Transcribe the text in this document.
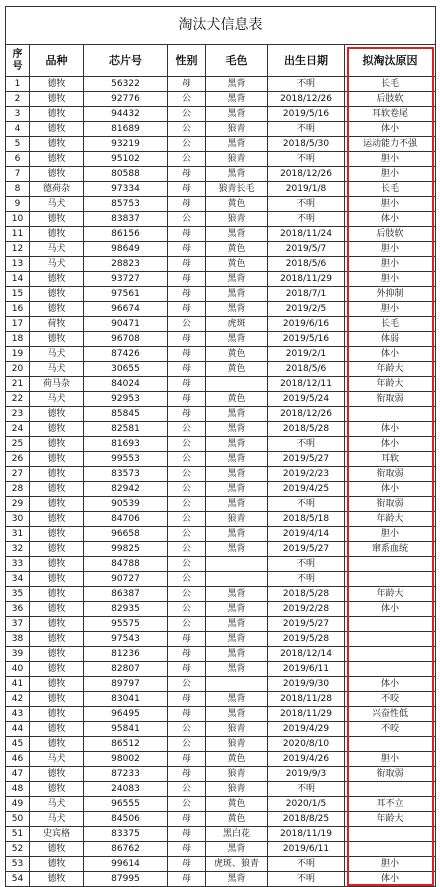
淘汰犬信息表						
序
号	品种	芯片号	性别	毛色	出生日期	拟淘汰原因
1	德牧	56322	母	黑背	不明	长毛
2	德牧	92776	公	黑背	2018/12/26	后肢软
3	德牧	94432	公	黑背	2019/5/16	耳软卷尾
4	德牧	81689	公	狼青	不明	体小
5	德牧	93219	公	黑背	2018/5/30	运动能力不强
6	德牧	95102	公	狼青	不明	胆小
7	德牧	80588	母	黑背	2018/12/26	胆小
8	德荷杂	97334	母	狼青长毛	2019/1/8	长毛
9	马犬	85753	母	黄色	不明	胆小
10	德牧	83837	公	狼青	不明	体小
11	德牧	86156	母	黑背	2018/11/24	后肢软
12	马犬	98649	母	黄色	2019/5/7	胆小
13	马犬	28823	母	黄色	2018/5/6	胆小
14	德牧	93727	母	黑背	2018/11/29	胆小
15	德牧	97561	母	黑背	2018/7/1	外抑制
16	德牧	96674	母	黑背	2019/2/5	胆小
17	荷牧	90471	公	虎斑	2019/6/16	长毛
18	德牧	96708	母	黑背	2019/5/16	体弱
19	马犬	87426	母	黄色	2019/2/1	体小
20	马犬	30655	母	黄色	2018/5/6	年龄大
21	荷马杂	84024	母		2018/12/11	年龄大
22	马犬	92953	母	黄色	2019/5/24	衔取弱
23	德牧	85845	母	黑背	2018/12/26	
24	德牧	82581	公	黑背	2018/5/28	体小
25	德牧	81693	公	黑背	不明	体小
26	德牧	99553	公	黑背	2019/5/27	耳软
27	德牧	83573	公	黑背	2019/2/23	衔取弱
28	德牧	82942	公	黑背	2019/4/25	体小
29	德牧	90539	公	黑背	不明	衔取弱
30	德牧	84706	公	狼青	2018/5/18	年龄大
31	德牧	96658	公	黑背	2019/4/14	胆小
32	德牧	99825	公	黑背	2019/5/27	窜系血统
33	德牧	84788	公		不明	
34	德牧	90727	公		不明	
35	德牧	86387	公	黑背	2018/5/28	年龄大
36	德牧	82935	公	黑背	2019/2/28	体小
37	德牧	95575	公	黑背	2019/5/27	
38	德牧	97543	母	黑背	2019/5/28	
39	德牧	81236	母	黑背	2018/12/14	
40	德牧	82807	母	黑背	2019/6/11	
41	德牧	89797	公		2019/9/30	体小
42	德牧	83041	母	黑背	2018/11/28	不咬
43	德牧	96495	母	黑背	2018/11/29	兴奋性低
44	德牧	95841	公	狼青	2019/4/29	不咬
45	德牧	86512	公	狼青	2020/8/10	
46	马犬	98002	母	黄色	2019/4/26	胆小
47	德牧	87233	母	狼青	2019/9/3	衔取弱
48	德牧	24083	公	狼青	不明	
49	马犬	96555	公	黄色	2020/1/5	耳不立
50	马犬	84506	母	黄色	2018/8/25	年龄大
51	史宾格	83375	母	黑白花	2018/11/19	
52	德牧	86762	母	黑背	2019/6/11	
53	德牧	99614	母	虎斑、狼青	不明	胆小
54	德牧	87995	母	黑背	不明	体小
